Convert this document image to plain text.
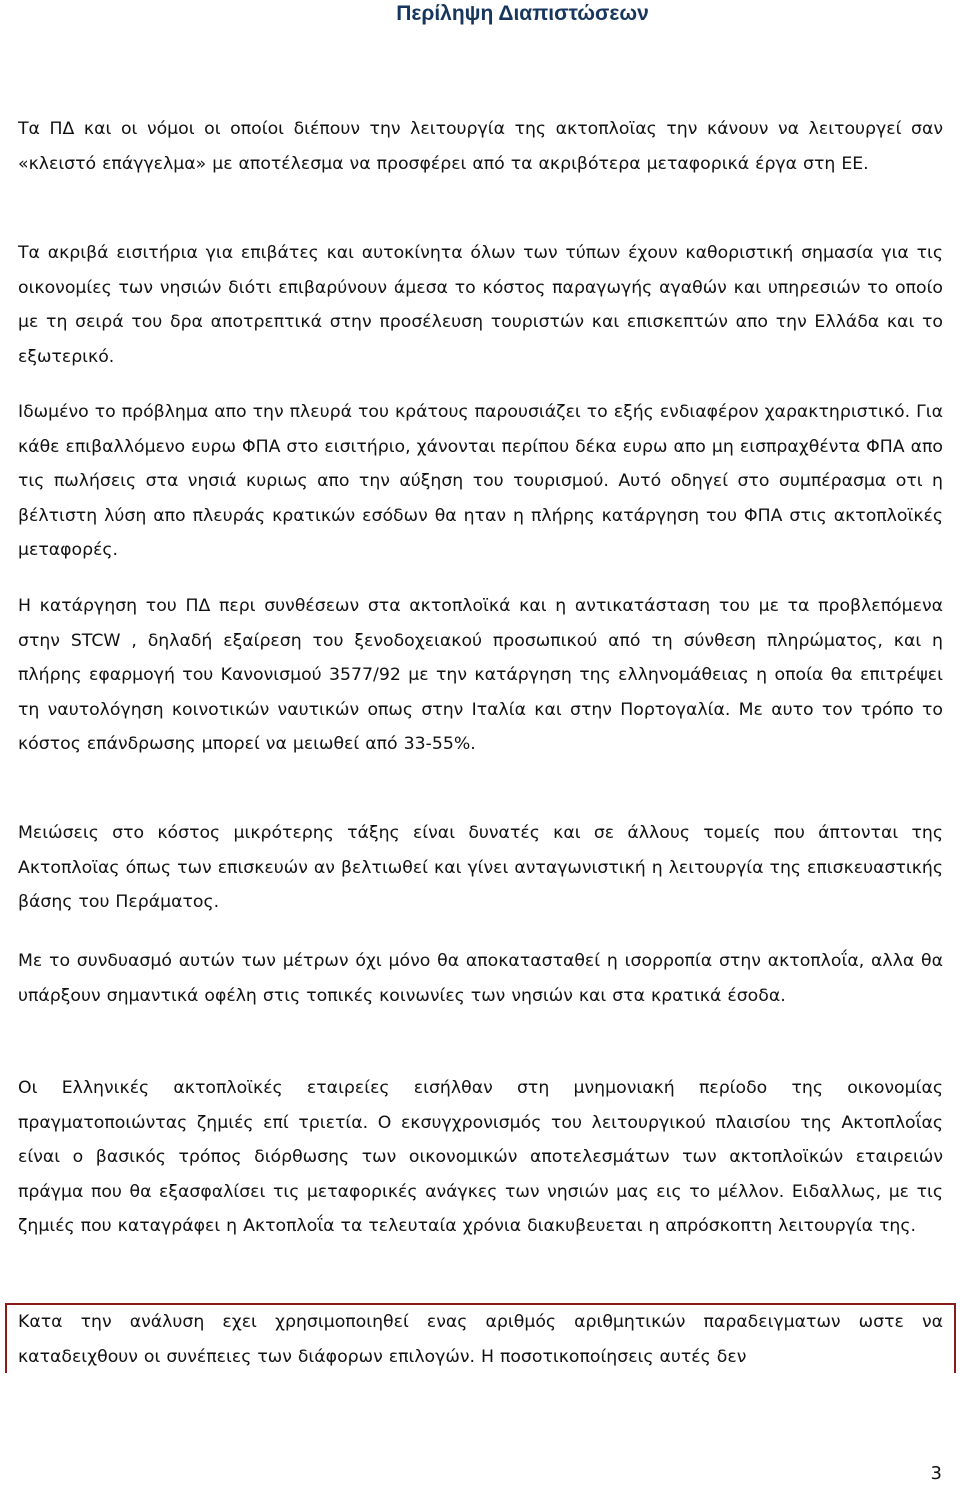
Περίληψη Διαπιστώσεων

Τα ΠΔ και οι νόμοι οι οποίοι διέπουν την λειτουργία της ακτοπλοϊας την κάνουν να λειτουργεί σαν «κλειστό επάγγελμα» με αποτέλεσμα να προσφέρει από τα ακριβότερα μεταφορικά έργα στη ΕΕ.

Τα ακριβά εισιτήρια για επιβάτες και αυτοκίνητα όλων των τύπων έχουν καθοριστική σημασία για τις οικονομίες των νησιών διότι επιβαρύνουν άμεσα το κόστος παραγωγής αγαθών και υπηρεσιών το οποίο με τη σειρά του δρα αποτρεπτικά στην προσέλευση τουριστών και επισκεπτών απο την Ελλάδα και το εξωτερικό.

Ιδωμένο το πρόβλημα απο την πλευρά του κράτους παρουσιάζει το εξής ενδιαφέρον χαρακτηριστικό. Για κάθε επιβαλλόμενο ευρω ΦΠΑ στο εισιτήριο, χάνονται περίπου δέκα ευρω απο μη εισπραχθέντα ΦΠΑ απο τις πωλήσεις στα νησιά κυριως απο την αύξηση του τουρισμού. Αυτό οδηγεί στο συμπέρασμα οτι η βέλτιστη λύση απο πλευράς κρατικών εσόδων θα ηταν η πλήρης κατάργηση του ΦΠΑ στις ακτοπλοϊκές μεταφορές.

Η κατάργηση του ΠΔ περι συνθέσεων στα ακτοπλοϊκά και η αντικατάσταση του με τα προβλεπόμενα στην STCW , δηλαδή εξαίρεση του ξενοδοχειακού προσωπικού από τη σύνθεση πληρώματος, και η πλήρης εφαρμογή του Κανονισμού 3577/92 με την κατάργηση της ελληνομάθειας η οποία θα επιτρέψει τη ναυτολόγηση κοινοτικών ναυτικών οπως στην Ιταλία και στην Πορτογαλία. Με αυτο τον τρόπο το κόστος επάνδρωσης μπορεί να μειωθεί από 33-55%.

Μειώσεις στο κόστος μικρότερης τάξης είναι δυνατές και σε άλλους τομείς που άπτονται της Ακτοπλοϊας όπως των επισκευών αν βελτιωθεί και γίνει ανταγωνιστική η λειτουργία της επισκευαστικής βάσης του Περάματος.

Με το συνδυασμό αυτών των μέτρων όχι μόνο θα αποκατασταθεί η ισορροπία στην ακτοπλοΐα, αλλα θα υπάρξουν σημαντικά οφέλη στις τοπικές κοινωνίες των νησιών και στα κρατικά έσοδα.

Οι Ελληνικές ακτοπλοϊκές εταιρείες εισήλθαν στη μνημονιακή περίοδο της οικονομίας πραγματοποιώντας ζημιές επί τριετία. Ο εκσυγχρονισμός του λειτουργικού πλαισίου της Ακτοπλοΐας είναι ο βασικός τρόπος διόρθωσης των οικονομικών αποτελεσμάτων των ακτοπλοϊκών εταιρειών πράγμα που θα εξασφαλίσει τις μεταφορικές ανάγκες των νησιών μας εις το μέλλον. Ειδαλλως, με τις ζημιές που καταγράφει η Ακτοπλοΐα τα τελευταία χρόνια διακυβευεται η απρόσκοπτη λειτουργία της.

Κατα την ανάλυση εχει χρησιμοποιηθεί ενας αριθμός αριθμητικών παραδειγματων ωστε να καταδειχθουν οι συνέπειες των διάφορων επιλογών. Η ποσοτικοποίησεις αυτές δεν

3
